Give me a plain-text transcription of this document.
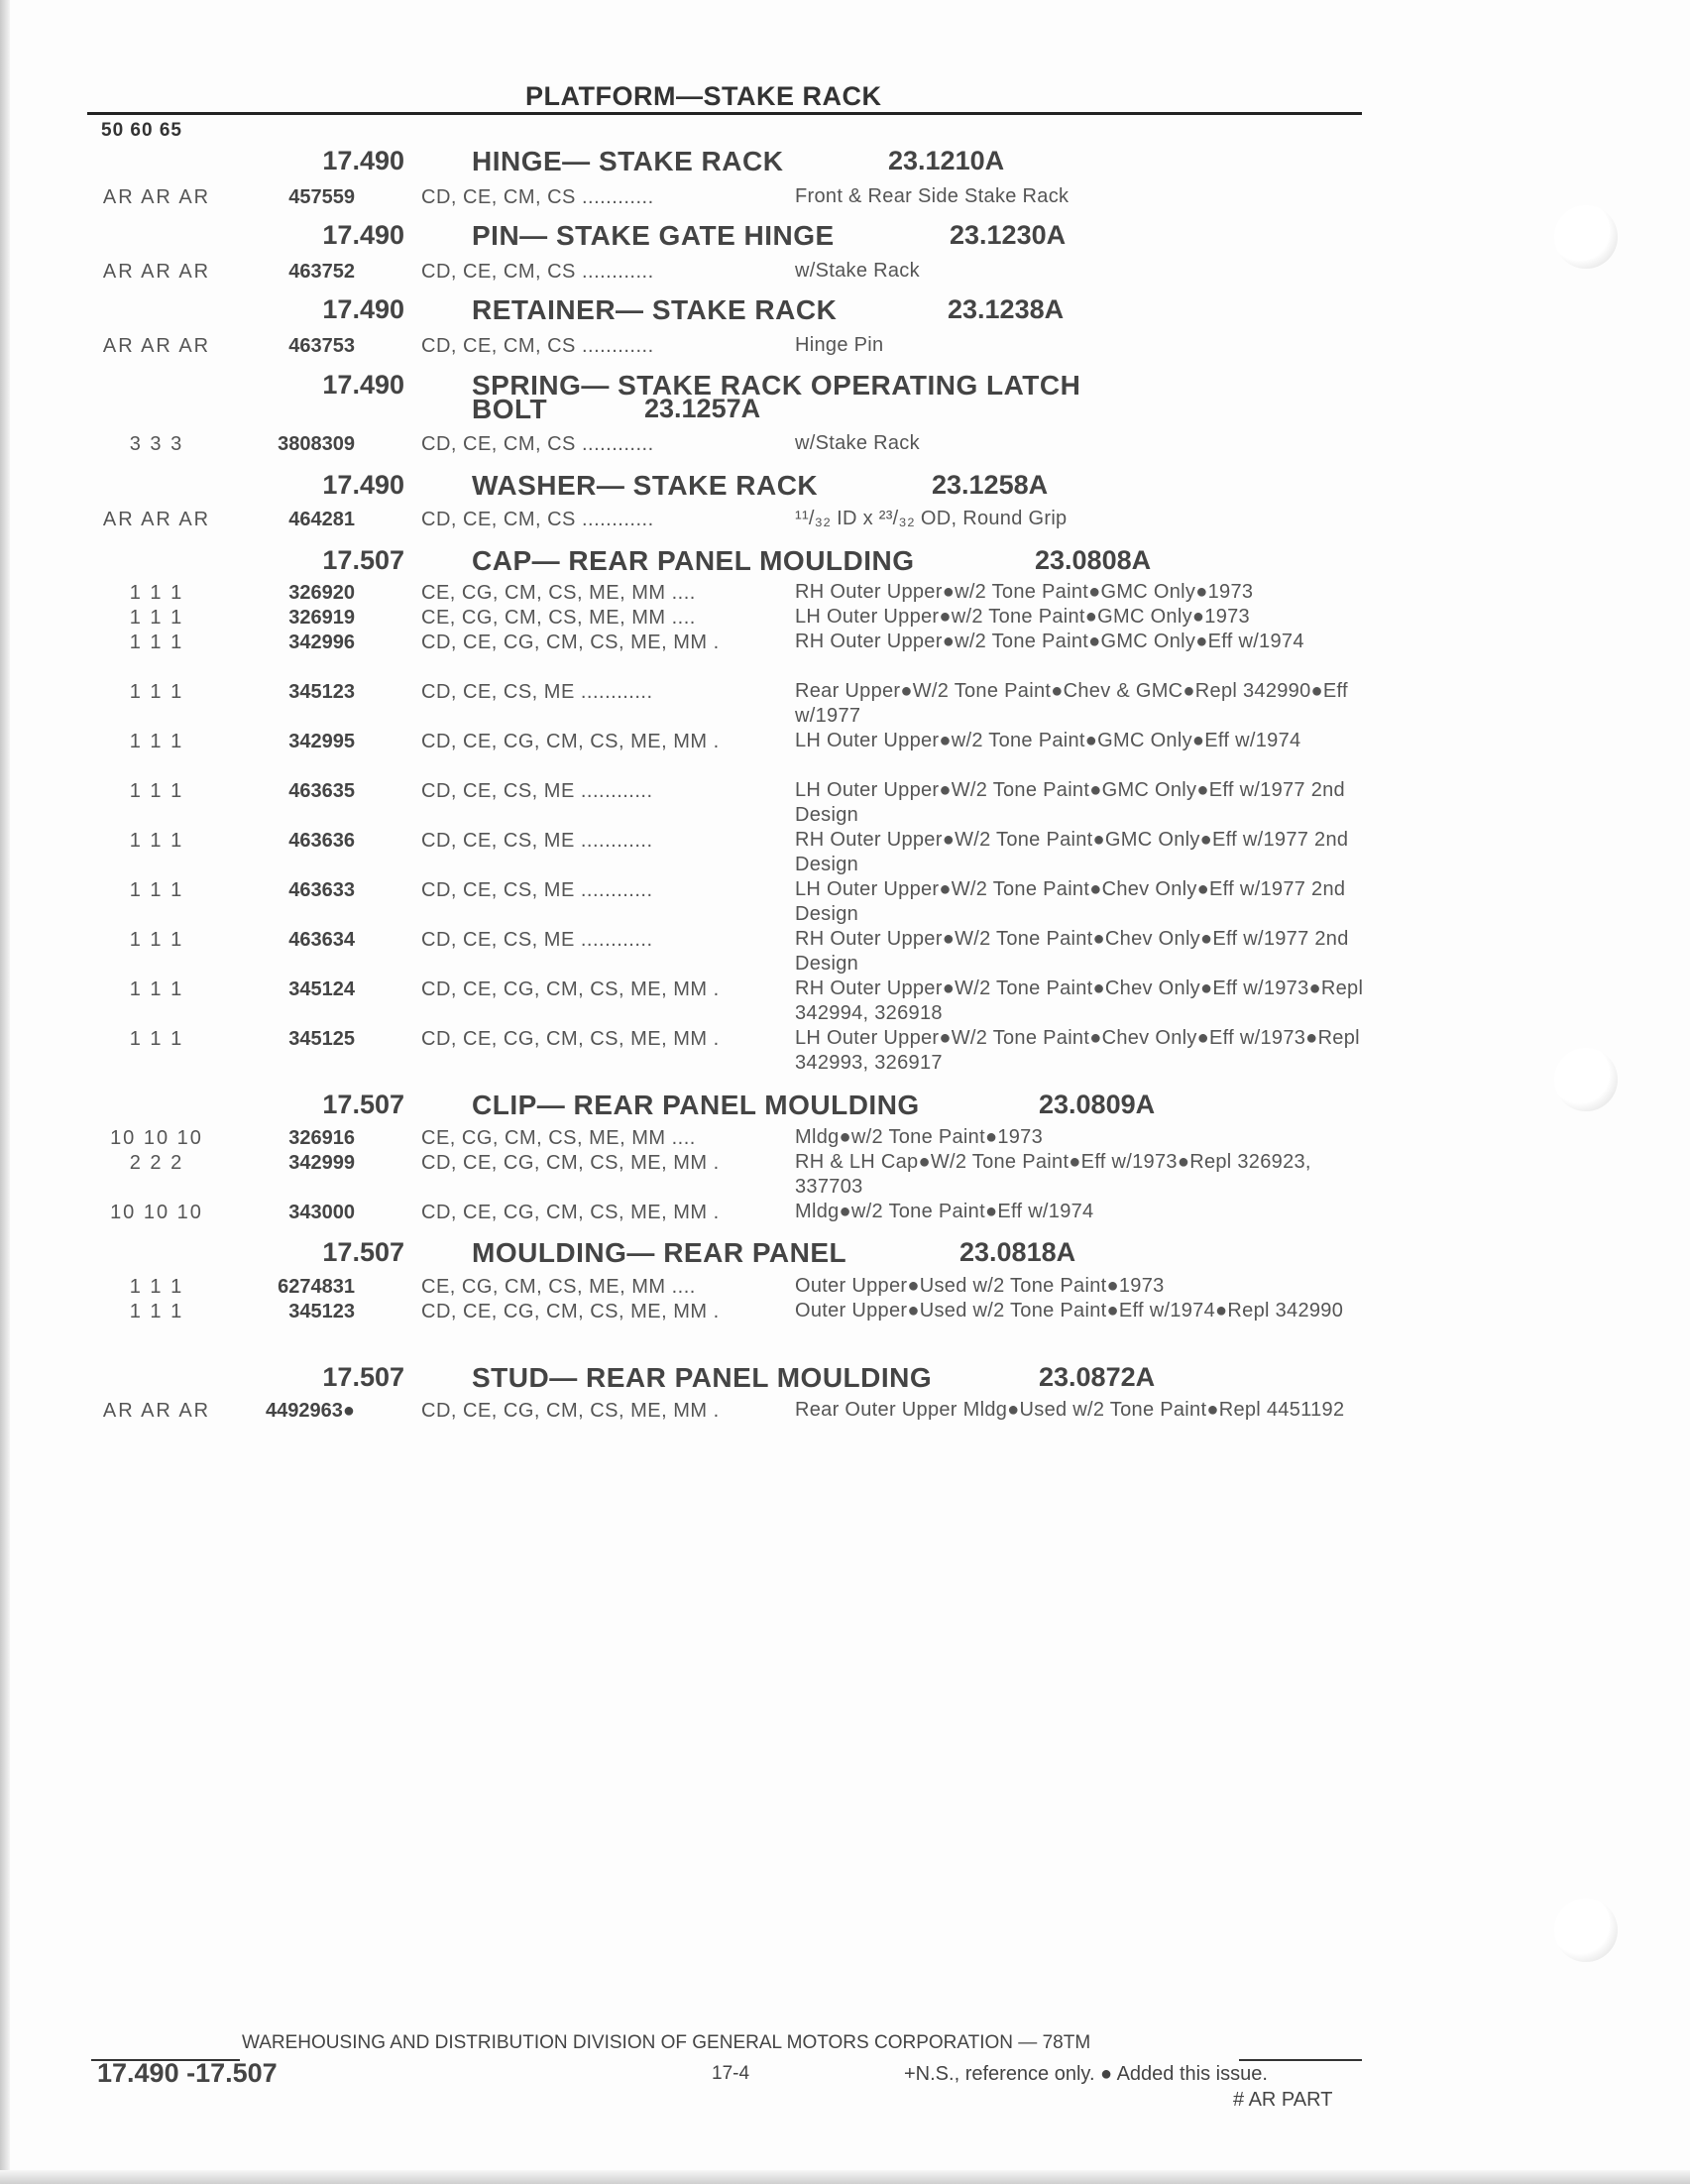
PLATFORM—STAKE RACK
50 60 65
17.490 HINGE— STAKE RACK	23.1210A
AR AR AR	457559	CD, CE, CM, CS ............	Front & Rear Side Stake Rack
17.490 PIN— STAKE GATE HINGE	23.1230A
AR AR AR	463752	CD, CE, CM, CS ............	w/Stake Rack
17.490 RETAINER— STAKE RACK	23.1238A
AR AR AR	463753	CD, CE, CM, CS ............	Hinge Pin
17.490 SPRING— STAKE RACK OPERATING LATCH
BOLT	23.1257A
3 3 3	3808309	CD, CE, CM, CS ............	w/Stake Rack
17.490 WASHER— STAKE RACK	23.1258A
AR AR AR	464281	CD, CE, CM, CS ............	¹¹/₃₂ ID x ²³/₃₂ OD, Round Grip
17.507 CAP— REAR PANEL MOULDING	23.0808A
1 1 1	326920	CE, CG, CM, CS, ME, MM ....	RH Outer Upper●w/2 Tone Paint●GMC Only●1973
1 1 1	326919	CE, CG, CM, CS, ME, MM ....	LH Outer Upper●w/2 Tone Paint●GMC Only●1973
1 1 1	342996	CD, CE, CG, CM, CS, ME, MM .	RH Outer Upper●w/2 Tone Paint●GMC Only●Eff w/1974
1 1 1	345123	CD, CE, CS, ME ............	Rear Upper●W/2 Tone Paint●Chev & GMC●Repl 342990●Eff w/1977
1 1 1	342995	CD, CE, CG, CM, CS, ME, MM .	LH Outer Upper●w/2 Tone Paint●GMC Only●Eff w/1974
1 1 1	463635	CD, CE, CS, ME ............	LH Outer Upper●W/2 Tone Paint●GMC Only●Eff w/1977 2nd Design
1 1 1	463636	CD, CE, CS, ME ............	RH Outer Upper●W/2 Tone Paint●GMC Only●Eff w/1977 2nd Design
1 1 1	463633	CD, CE, CS, ME ............	LH Outer Upper●W/2 Tone Paint●Chev Only●Eff w/1977 2nd Design
1 1 1	463634	CD, CE, CS, ME ............	RH Outer Upper●W/2 Tone Paint●Chev Only●Eff w/1977 2nd Design
1 1 1	345124	CD, CE, CG, CM, CS, ME, MM .	RH Outer Upper●W/2 Tone Paint●Chev Only●Eff w/1973●Repl 342994, 326918
1 1 1	345125	CD, CE, CG, CM, CS, ME, MM .	LH Outer Upper●W/2 Tone Paint●Chev Only●Eff w/1973●Repl 342993, 326917
17.507 CLIP— REAR PANEL MOULDING	23.0809A
10 10 10	326916	CE, CG, CM, CS, ME, MM ....	Mldg●w/2 Tone Paint●1973
2 2 2	342999	CD, CE, CG, CM, CS, ME, MM .	RH & LH Cap●W/2 Tone Paint●Eff w/1973●Repl 326923, 337703
10 10 10	343000	CD, CE, CG, CM, CS, ME, MM .	Mldg●w/2 Tone Paint●Eff w/1974
17.507 MOULDING— REAR PANEL	23.0818A
1 1 1	6274831	CE, CG, CM, CS, ME, MM ....	Outer Upper●Used w/2 Tone Paint●1973
1 1 1	345123	CD, CE, CG, CM, CS, ME, MM .	Outer Upper●Used w/2 Tone Paint●Eff w/1974●Repl 342990
17.507 STUD— REAR PANEL MOULDING	23.0872A
AR AR AR	4492963●	CD, CE, CG, CM, CS, ME, MM .	Rear Outer Upper Mldg●Used w/2 Tone Paint●Repl 4451192
WAREHOUSING AND DISTRIBUTION DIVISION OF GENERAL MOTORS CORPORATION — 78TM
17.490 -17.507	17-4	+N.S., reference only. ● Added this issue.
# AR PART
